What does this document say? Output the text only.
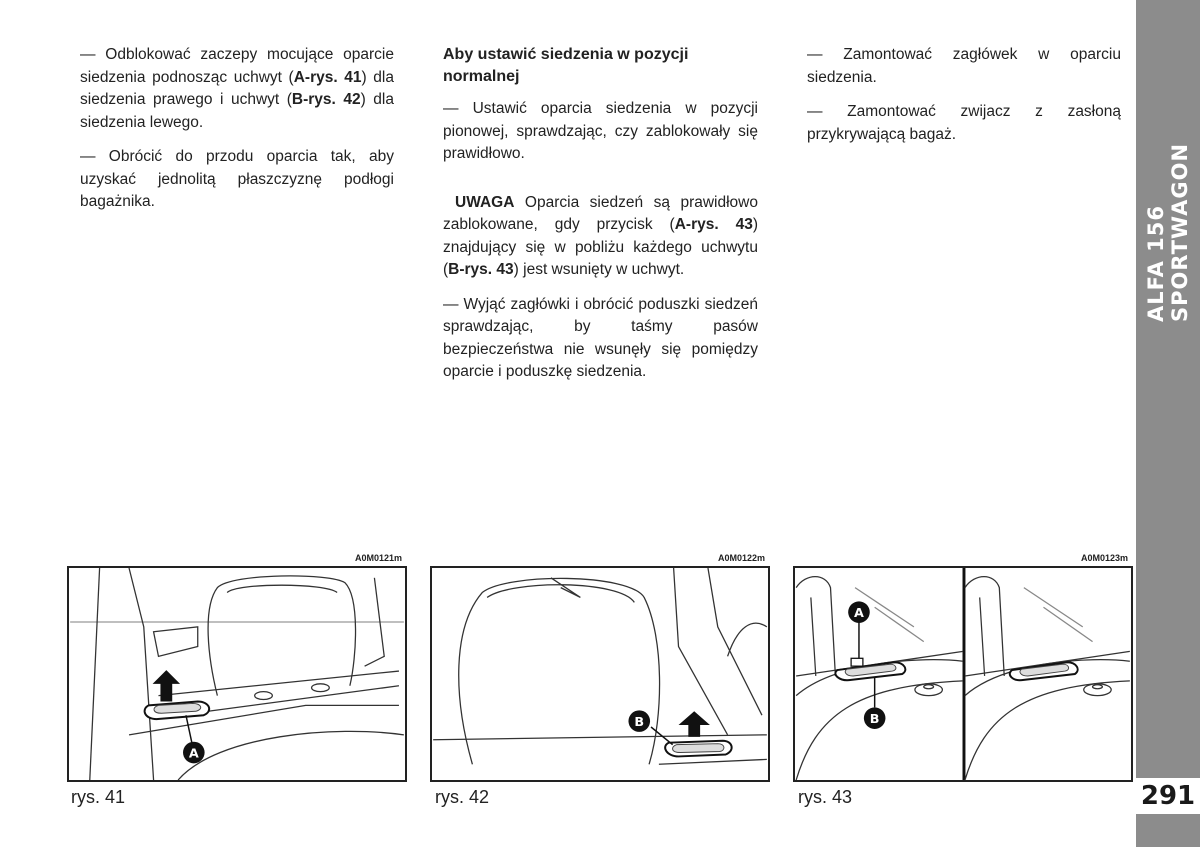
ALFA 156 SPORTWAGON
291

— Odblokować zaczepy mocujące oparcie siedzenia podnosząc uchwyt (A-rys. 41) dla siedzenia prawego i uchwyt (B-rys. 42) dla siedzenia lewego.

— Obrócić do przodu oparcia tak, aby uzyskać jednolitą płaszczyznę podłogi bagażnika.

Aby ustawić siedzenia w pozycji normalnej

— Ustawić oparcia siedzenia w pozycji pionowej, sprawdzając, czy zablokowały się prawidłowo.

UWAGA Oparcia siedzeń są prawidłowo zablokowane, gdy przycisk (A-rys. 43) znajdujący się w pobliżu każdego uchwytu (B-rys. 43) jest wsunięty w uchwyt.

— Wyjąć zagłówki i obrócić poduszki siedzeń sprawdzając, by taśmy pasów bezpieczeństwa nie wsunęły się pomiędzy oparcie i poduszkę siedzenia.

— Zamontować zagłówek w oparciu siedzenia.

— Zamontować zwijacz z zasłoną przykrywającą bagaż.

A0M0121m	A0M0122m	A0M0123m
A
B
A
B
rys. 41	rys. 42	rys. 43
